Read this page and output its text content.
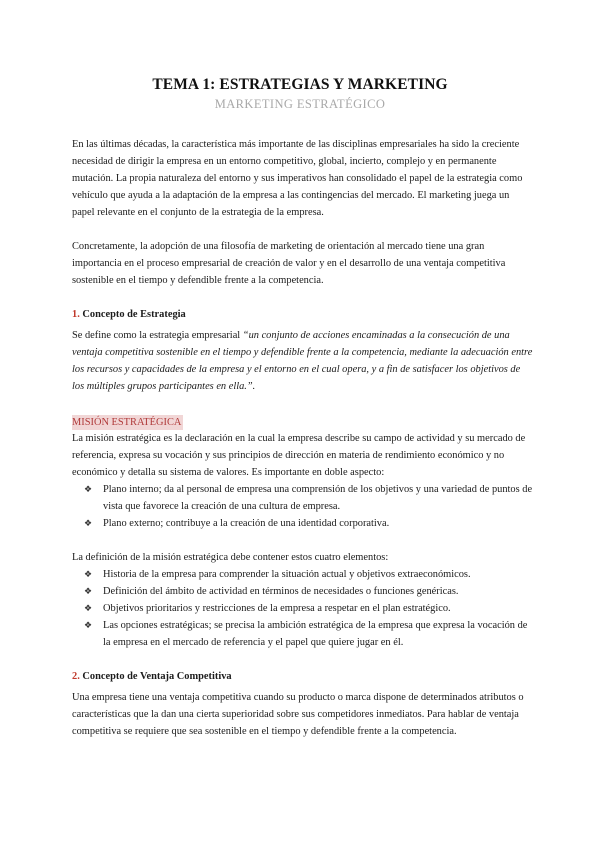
TEMA 1: ESTRATEGIAS Y MARKETING
MARKETING ESTRATÉGICO

En las últimas décadas, la característica más importante de las disciplinas empresariales ha sido la creciente necesidad de dirigir la empresa en un entorno competitivo, global, incierto, complejo y en permanente mutación. La propia naturaleza del entorno y sus imperativos han consolidado el papel de la estrategia como vehículo que ayuda a la adaptación de la empresa a las contingencias del mercado. El marketing juega un papel relevante en el conjunto de la estrategia de la empresa.

Concretamente, la adopción de una filosofía de marketing de orientación al mercado tiene una gran importancia en el proceso empresarial de creación de valor y en el desarrollo de una ventaja competitiva sostenible en el tiempo y defendible frente a la competencia.

1. Concepto de Estrategia

Se define como la estrategia empresarial “un conjunto de acciones encaminadas a la consecución de una ventaja competitiva sostenible en el tiempo y defendible frente a la competencia, mediante la adecuación entre los recursos y capacidades de la empresa y el entorno en el cual opera, y a fin de satisfacer los objetivos de los múltiples grupos participantes en ella.”.

MISIÓN ESTRATÉGICA

La misión estratégica es la declaración en la cual la empresa describe su campo de actividad y su mercado de referencia, expresa su vocación y sus principios de dirección en materia de rendimiento económico y no económico y detalla su sistema de valores. Es importante en doble aspecto:

❖ Plano interno; da al personal de empresa una comprensión de los objetivos y una variedad de puntos de vista que favorece la creación de una cultura de empresa.
❖ Plano externo; contribuye a la creación de una identidad corporativa.

La definición de la misión estratégica debe contener estos cuatro elementos:

❖ Historia de la empresa para comprender la situación actual y objetivos extraeconómicos.
❖ Definición del ámbito de actividad en términos de necesidades o funciones genéricas.
❖ Objetivos prioritarios y restricciones de la empresa a respetar en el plan estratégico.
❖ Las opciones estratégicas; se precisa la ambición estratégica de la empresa que expresa la vocación de la empresa en el mercado de referencia y el papel que quiere jugar en él.
2. Concepto de Ventaja Competitiva

Una empresa tiene una ventaja competitiva cuando su producto o marca dispone de determinados atributos o características que la dan una cierta superioridad sobre sus competidores inmediatos. Para hablar de ventaja competitiva se requiere que sea sostenible en el tiempo y defendible frente a la competencia.
